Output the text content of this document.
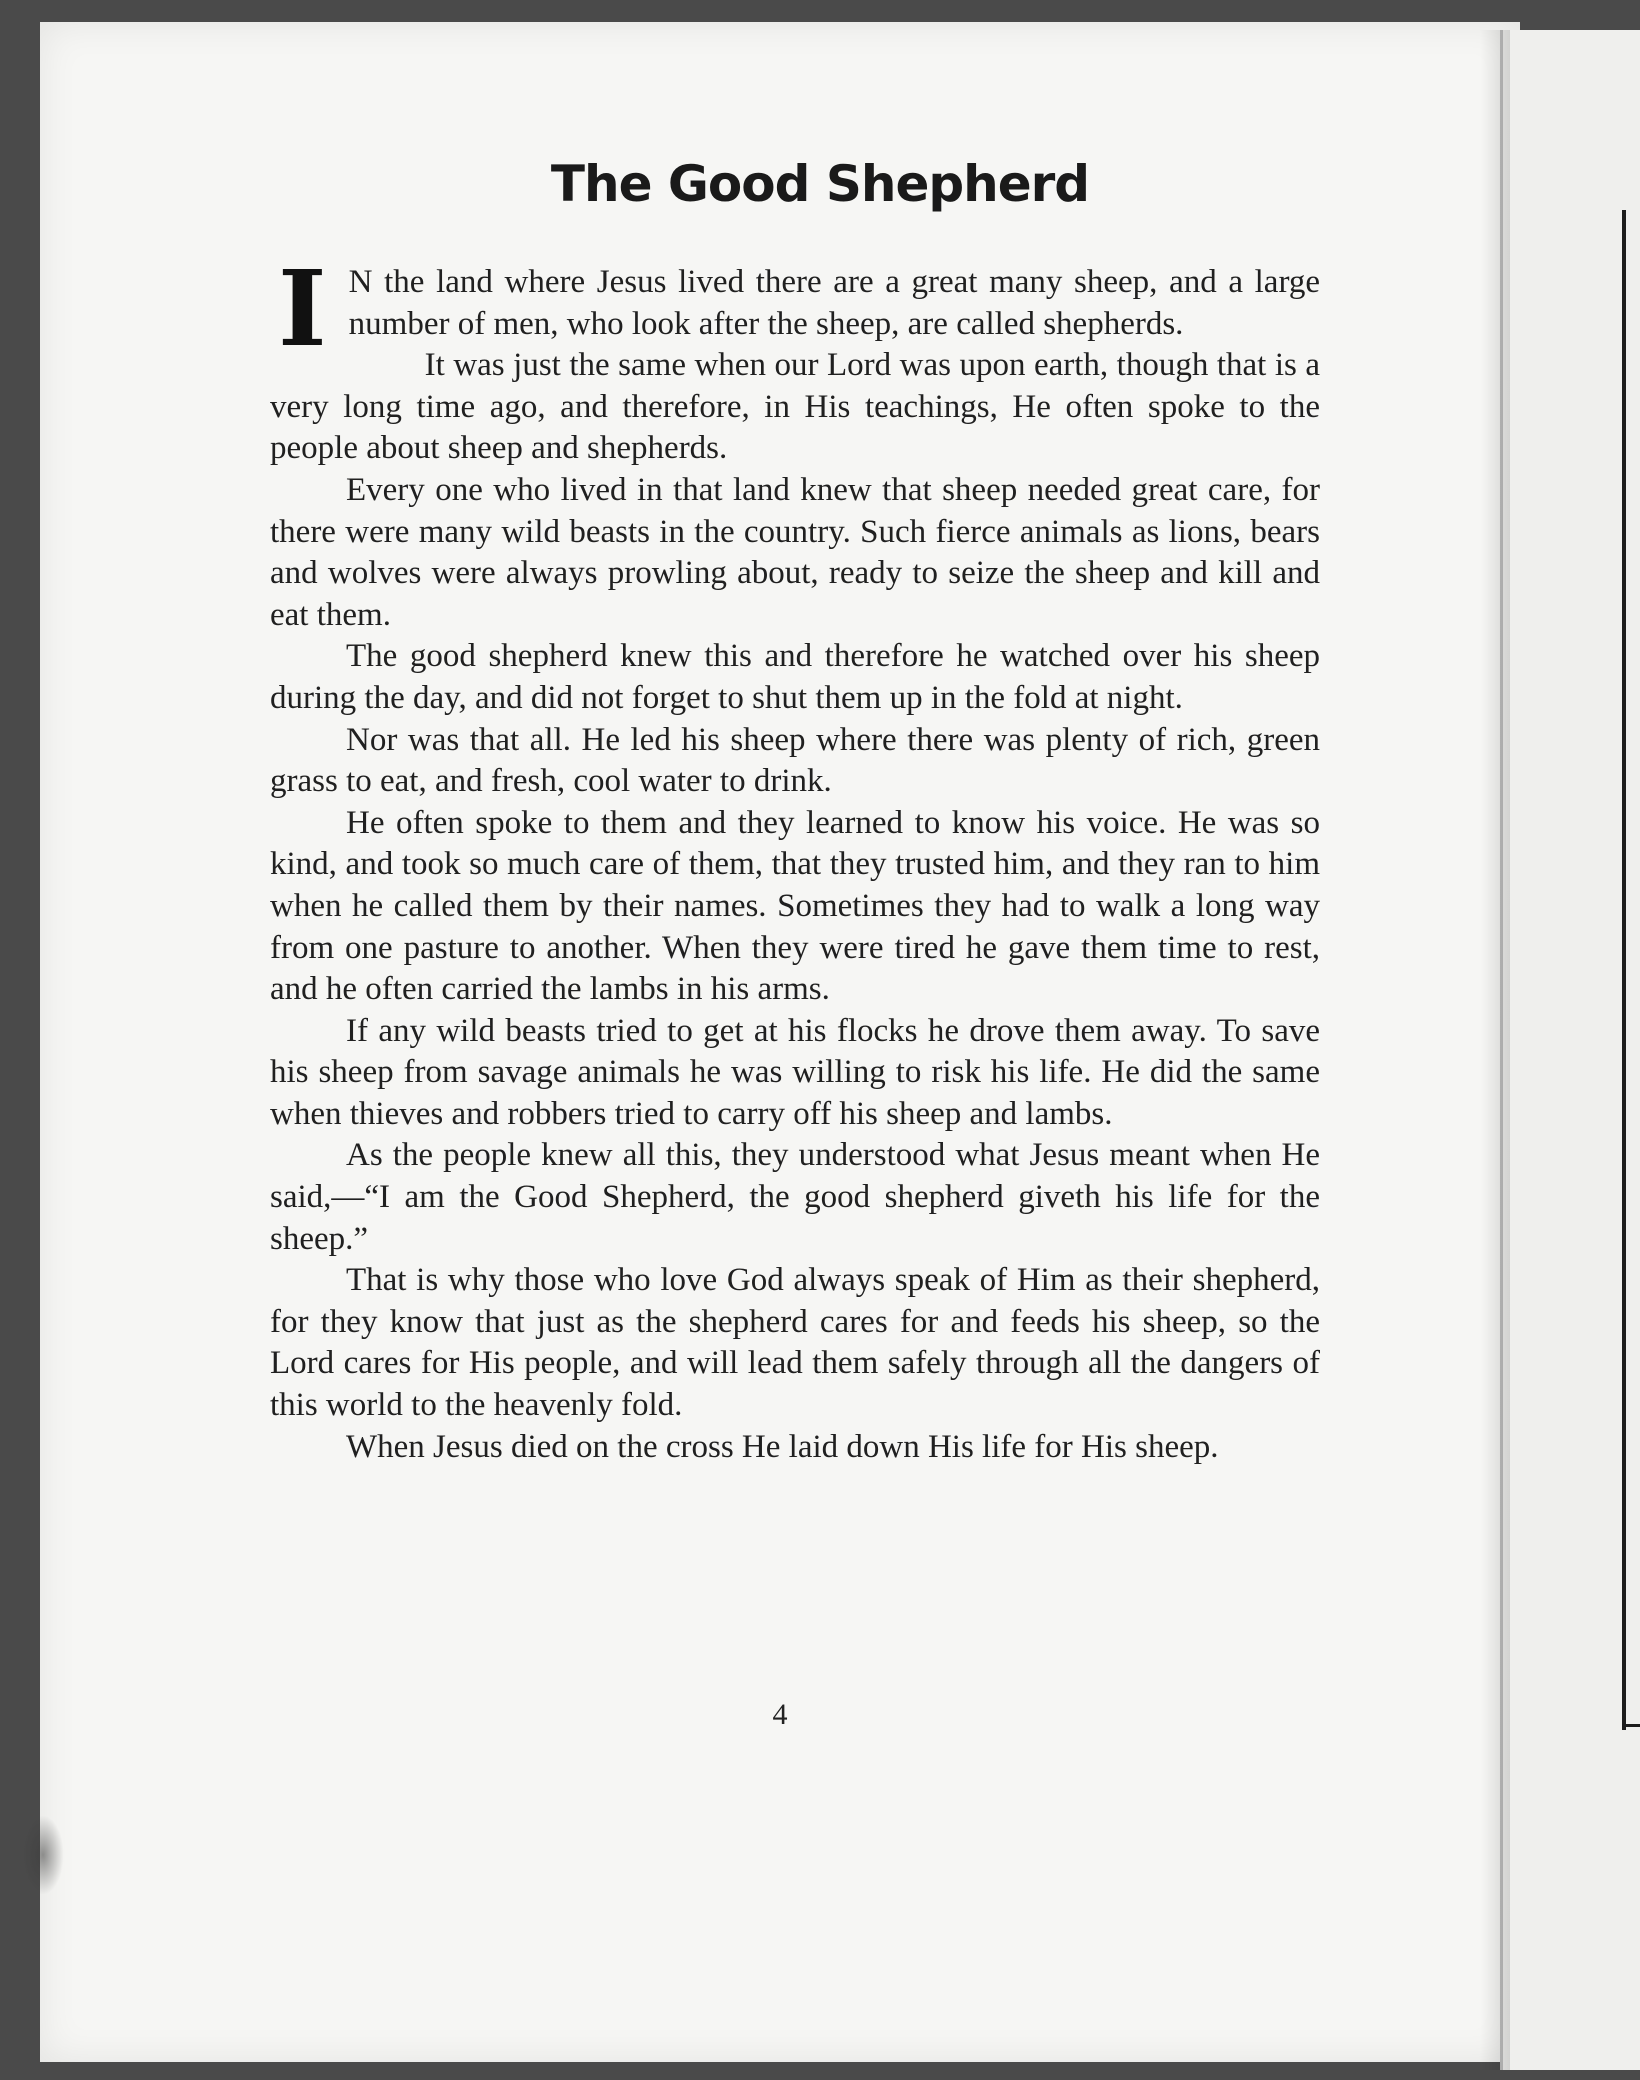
The Good Shepherd

I N the land where Jesus lived there are a great many sheep, and a large number of men, who look after the sheep, are called shepherds.

It was just the same when our Lord was upon earth, though that is a very long time ago, and therefore, in His teachings, He often spoke to the people about sheep and shepherds.

Every one who lived in that land knew that sheep needed great care, for there were many wild beasts in the country. Such fierce animals as lions, bears and wolves were always prowling about, ready to seize the sheep and kill and eat them.

The good shepherd knew this and therefore he watched over his sheep during the day, and did not forget to shut them up in the fold at night.

Nor was that all. He led his sheep where there was plenty of rich, green grass to eat, and fresh, cool water to drink.

He often spoke to them and they learned to know his voice. He was so kind, and took so much care of them, that they trusted him, and they ran to him when he called them by their names. Sometimes they had to walk a long way from one pasture to another. When they were tired he gave them time to rest, and he often carried the lambs in his arms.

If any wild beasts tried to get at his flocks he drove them away. To save his sheep from savage animals he was willing to risk his life. He did the same when thieves and robbers tried to carry off his sheep and lambs.

As the people knew all this, they understood what Jesus meant when He said,—“I am the Good Shepherd, the good shepherd giveth his life for the sheep.”

That is why those who love God always speak of Him as their shepherd, for they know that just as the shepherd cares for and feeds his sheep, so the Lord cares for His people, and will lead them safely through all the dangers of this world to the heavenly fold.

When Jesus died on the cross He laid down His life for His sheep.

4
